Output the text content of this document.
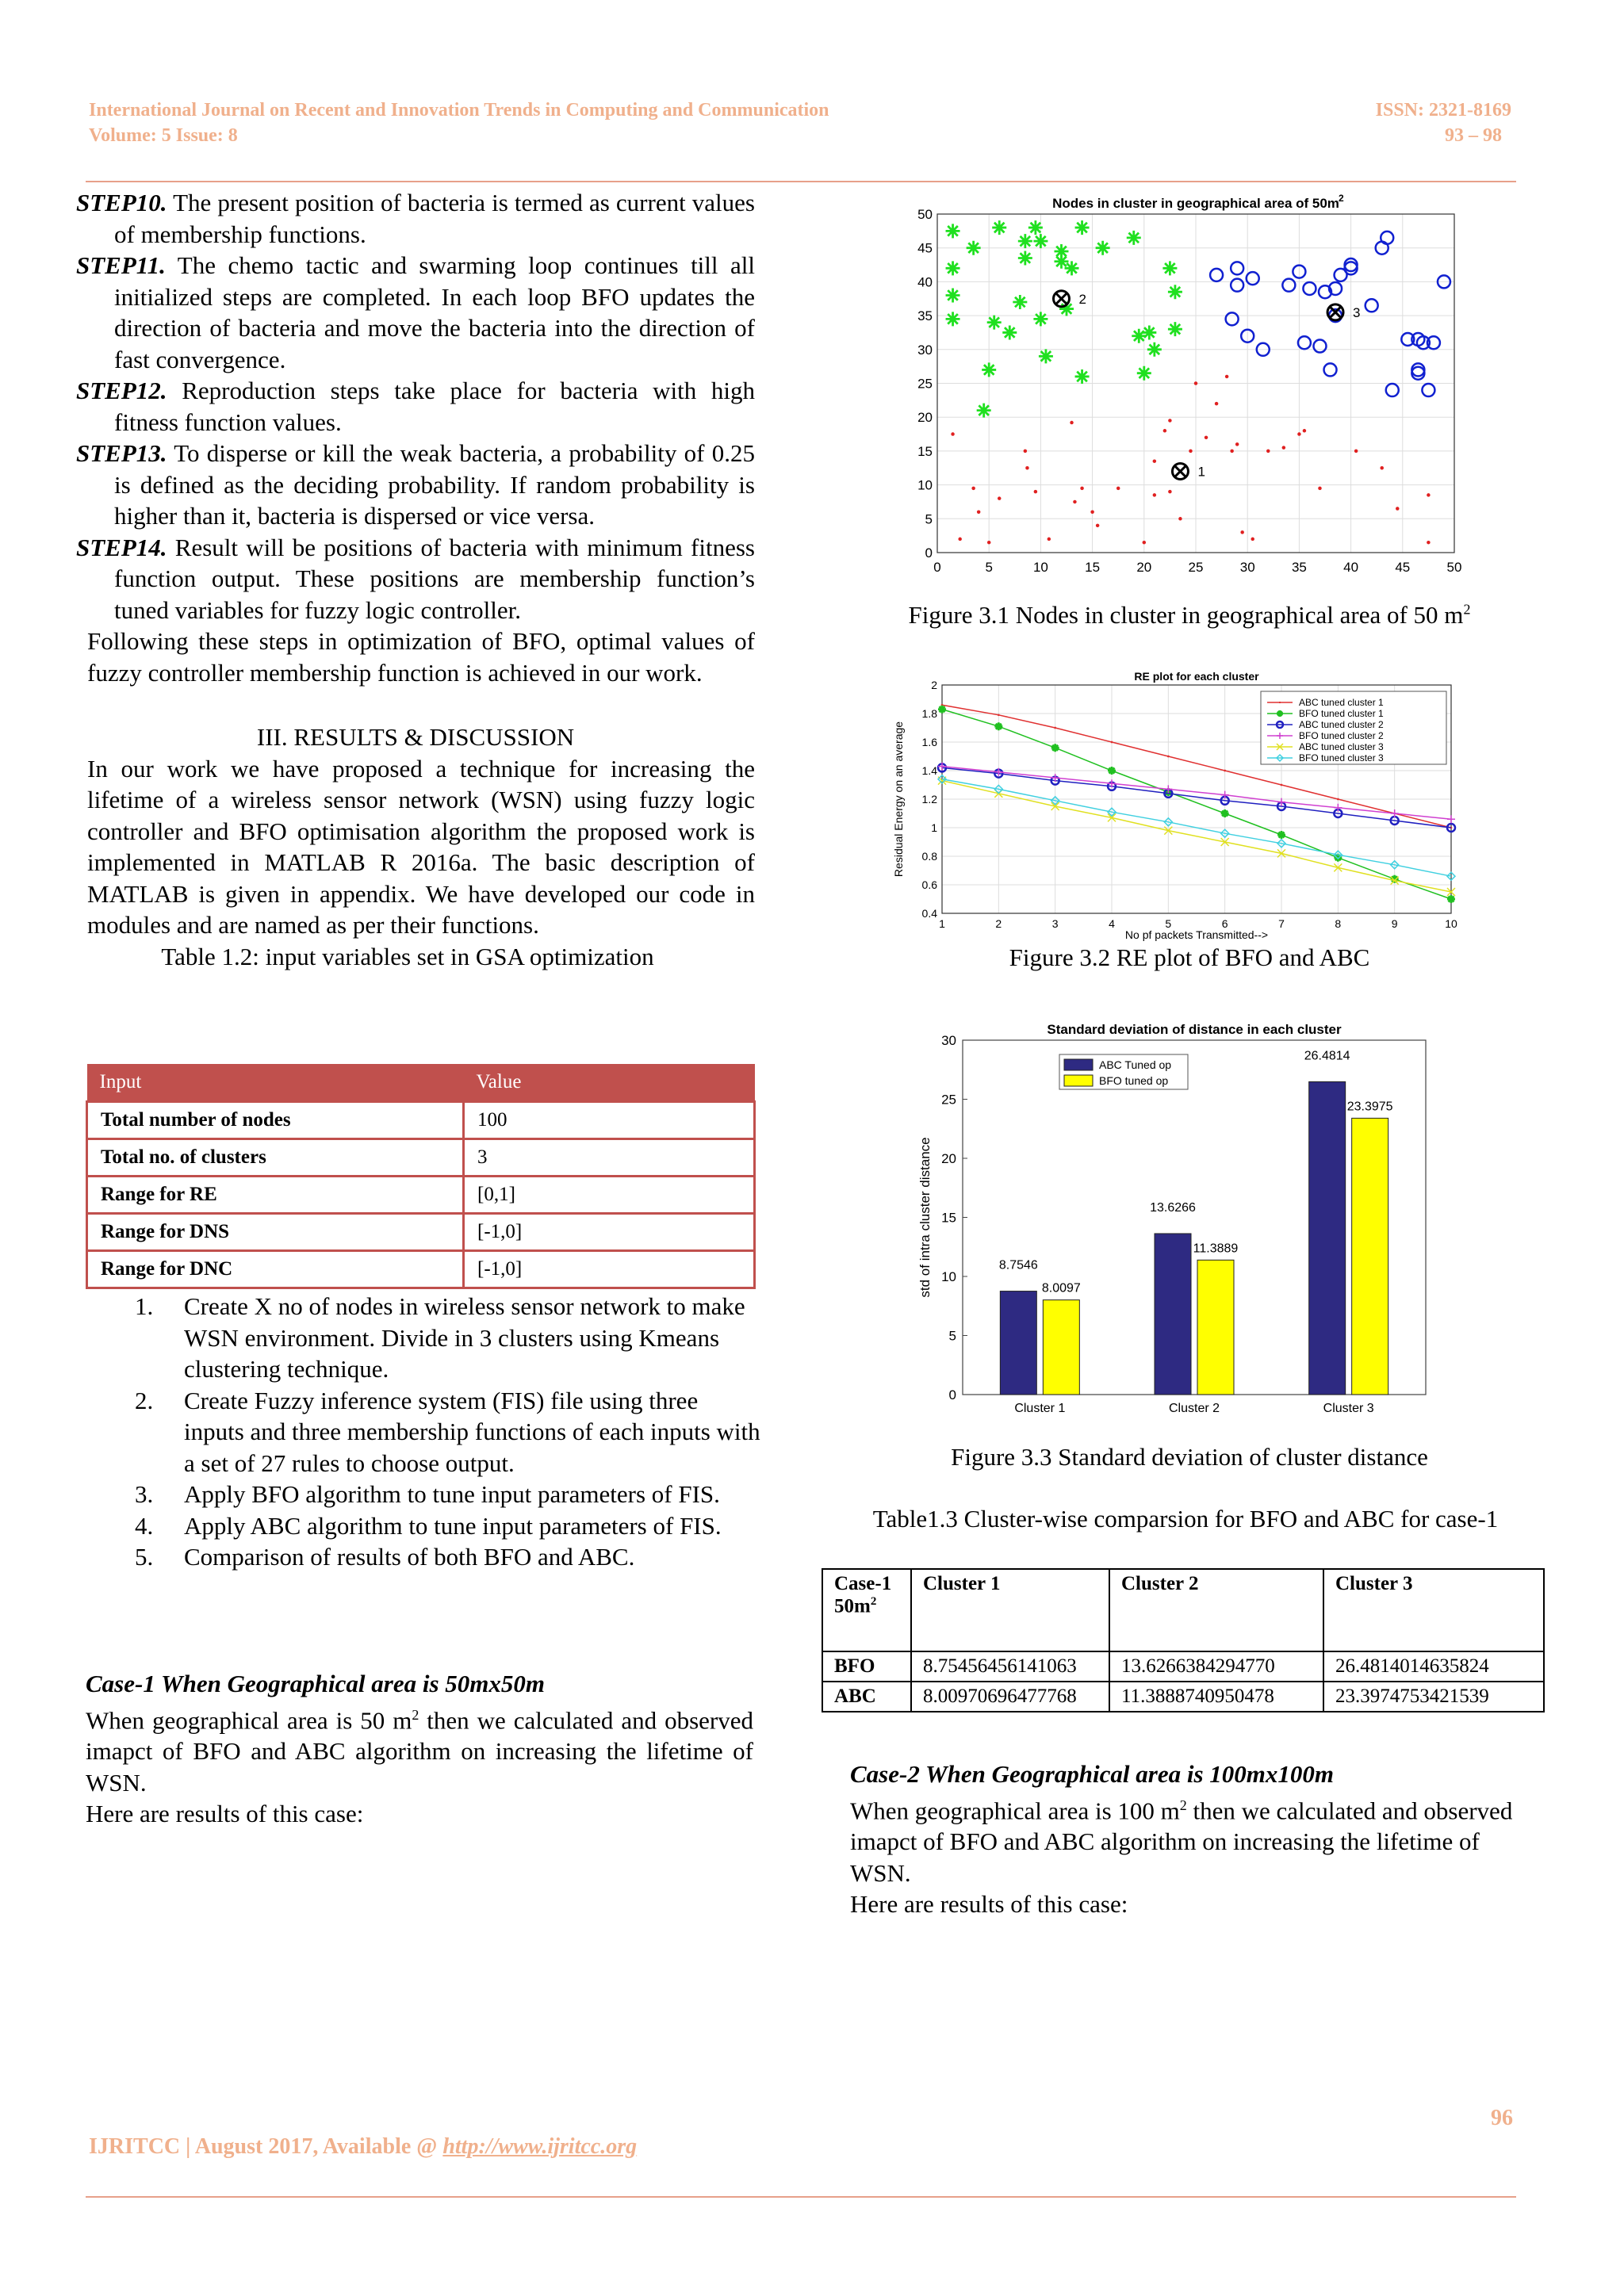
International Journal on Recent and Innovation Trends in Computing and Communication
Volume: 5 Issue: 8
ISSN: 2321-8169
93 – 98

STEP10. The present position of bacteria is termed as current values of membership functions.

STEP11. The chemo tactic and swarming loop continues till all initialized steps are completed. In each loop BFO updates the direction of bacteria and move the bacteria into the direction of fast convergence.

STEP12. Reproduction steps take place for bacteria with high fitness function values.

STEP13. To disperse or kill the weak bacteria, a probability of 0.25 is defined as the deciding probability. If random probability is higher than it, bacteria is dispersed or vice versa.

STEP14. Result will be positions of bacteria with minimum fitness function output. These positions are membership function’s tuned variables for fuzzy logic controller.

Following these steps in optimization of BFO, optimal values of fuzzy controller membership function is achieved in our work.

III. RESULTS & DISCUSSION

In our work we have proposed a technique for increasing the lifetime of a wireless sensor network (WSN) using fuzzy logic controller and BFO optimisation algorithm the proposed work is implemented in MATLAB R 2016a. The basic description of MATLAB is given in appendix. We have developed our code in modules and are named as per their functions.

Table 1.2: input variables set in GSA optimization

Input	Value
Total number of nodes	100
Total no. of clusters	3
Range for RE	[0,1]
Range for DNS	[-1,0]
Range for DNC	[-1,0]
1. Create X no of nodes in wireless sensor network to make WSN environment. Divide in 3 clusters using Kmeans clustering technique.
2. Create Fuzzy inference system (FIS) file using three inputs and three membership functions of each inputs with a set of 27 rules to choose output.
3. Apply BFO algorithm to tune input parameters of FIS.
4. Apply ABC algorithm to tune input parameters of FIS.
5. Comparison of results of both BFO and ABC.
Case-1 When Geographical area is 50mx50m

When geographical area is 50 $m^2$ then we calculated and observed imapct of BFO and ABC algorithm on increasing the lifetime of WSN.

Here are results of this case:
0	5	10	15	20	25	30	35	40	45	50
0
5
10
15
20
25
30
35
40
45
50
Nodes in cluster in geographical area of 50m 2
1
2
3
Figure 3.1 Nodes in cluster in geographical area of 50 $m^2$
1	2	3	4	5	6	7	8	9	10
0.4
0.6
0.8
1
1.2
1.4
1.6
1.8
2
RE plot for each cluster
No pf packets Transmitted-->
Residual Energy on an average
ABC tuned cluster 1
BFO tuned cluster 1
ABC tuned cluster 2
BFO tuned cluster 2
ABC tuned cluster 3
BFO tuned cluster 3
Figure 3.2 RE plot of BFO and ABC
0
5
10
15
20
25
30
Standard deviation of distance in each cluster
std of intra cluster distance
Cluster 1
8.7546
8.0097
Cluster 2
13.6266
11.3889
Cluster 3
26.4814
23.3975
ABC Tuned op
BFO tuned op
Figure 3.3 Standard deviation of cluster distance
Table1.3 Cluster-wise comparsion for BFO and ABC for case-1
Case-1
$50m^2$	Cluster 1	Cluster 2	Cluster 3
BFO	8.75456456141063	13.6266384294770	26.4814014635824
ABC	8.00970696477768	11.3888740950478	23.3974753421539
Case-2 When Geographical area is 100mx100m

When geographical area is 100 $m^2$ then we calculated and observed imapct of BFO and ABC algorithm on increasing the lifetime of WSN.

Here are results of this case:
96
IJRITCC | August 2017, Available @ http://www.ijritcc.org
